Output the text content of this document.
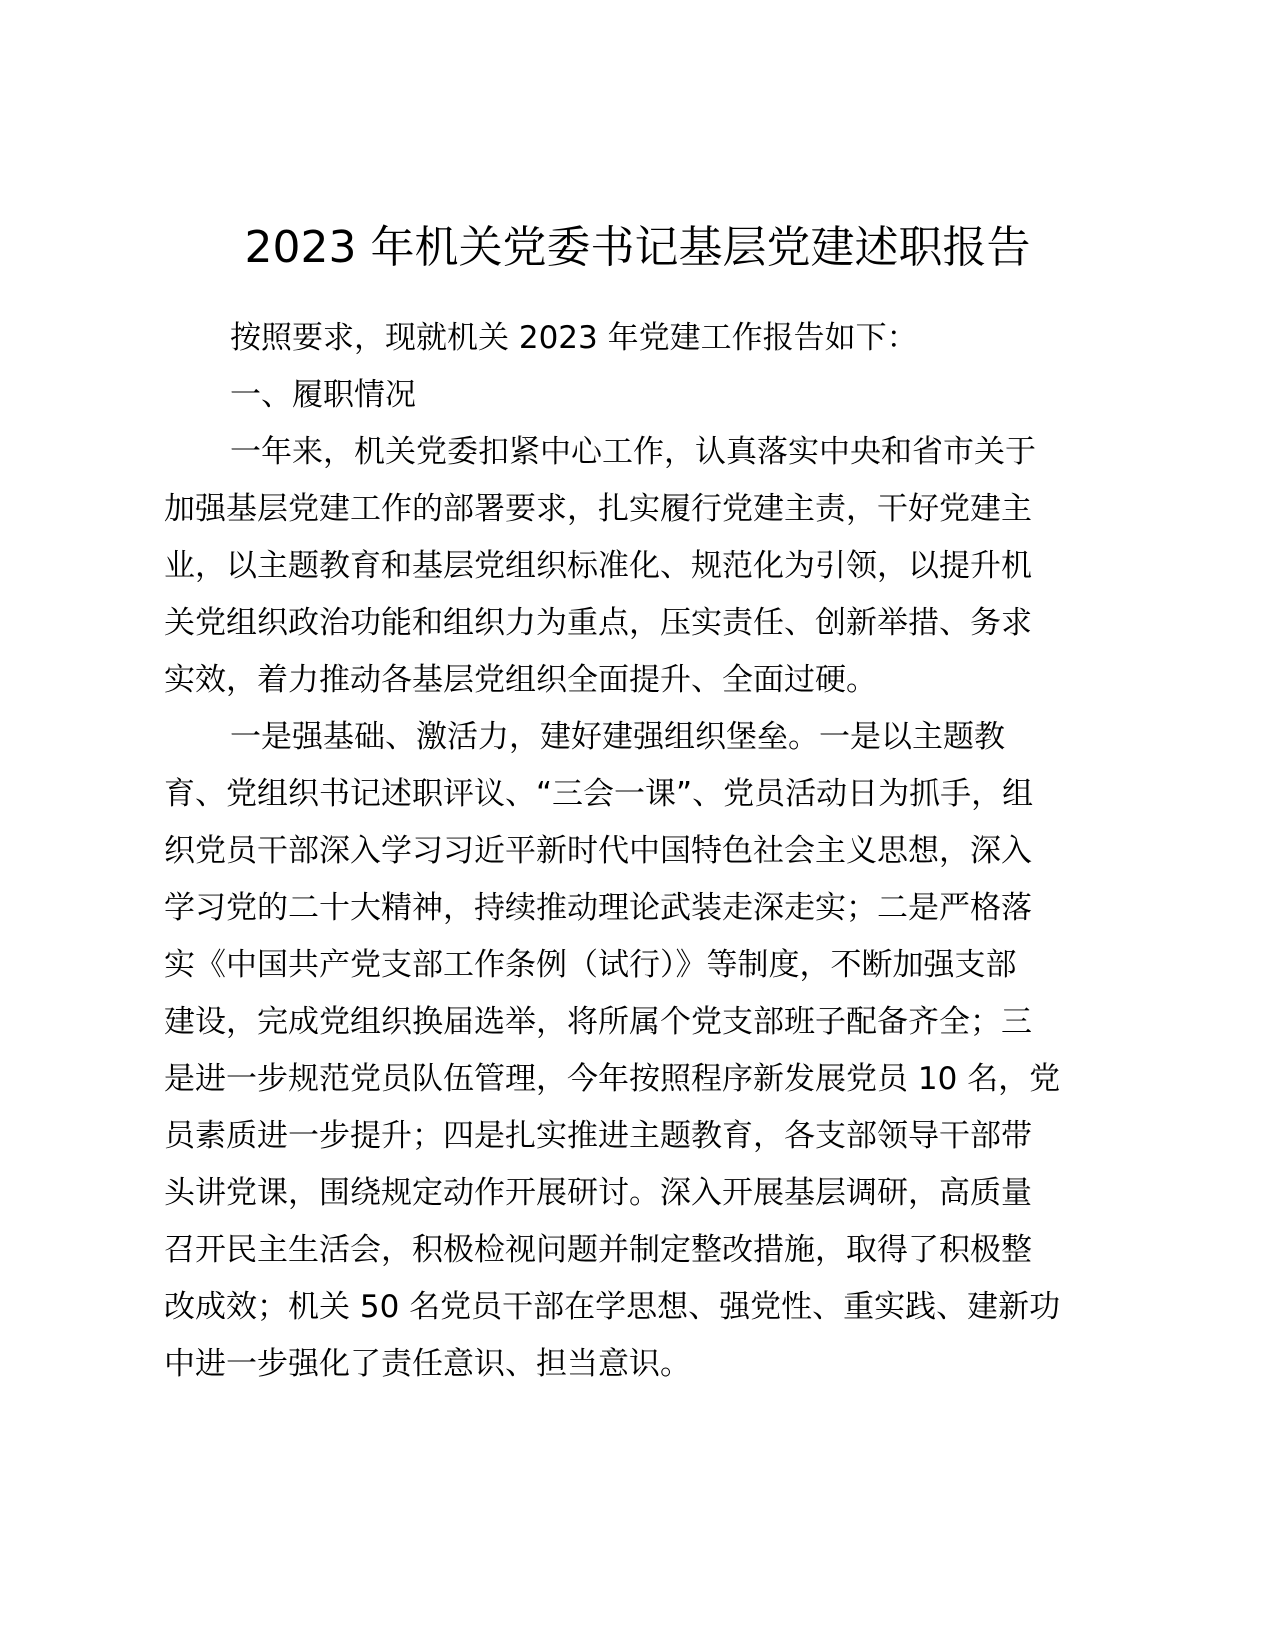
2023 年机关党委书记基层党建述职报告
按照要求，现就机关 2023 年党建工作报告如下：
一、履职情况
一年来，机关党委扣紧中心工作，认真落实中央和省市关于
加强基层党建工作的部署要求，扎实履行党建主责，干好党建主
业，以主题教育和基层党组织标准化、规范化为引领，以提升机
关党组织政治功能和组织力为重点，压实责任、创新举措、务求
实效，着力推动各基层党组织全面提升、全面过硬。
一是强基础、激活力，建好建强组织堡垒。一是以主题教
育、党组织书记述职评议、“三会一课”、党员活动日为抓手，组
织党员干部深入学习习近平新时代中国特色社会主义思想，深入
学习党的二十大精神，持续推动理论武装走深走实；二是严格落
实《中国共产党支部工作条例（试行）》等制度，不断加强支部
建设，完成党组织换届选举，将所属个党支部班子配备齐全；三
是进一步规范党员队伍管理，今年按照程序新发展党员 10 名，党
员素质进一步提升；四是扎实推进主题教育，各支部领导干部带
头讲党课，围绕规定动作开展研讨。深入开展基层调研，高质量
召开民主生活会，积极检视问题并制定整改措施，取得了积极整
改成效；机关 50 名党员干部在学思想、强党性、重实践、建新功
中进一步强化了责任意识、担当意识。
